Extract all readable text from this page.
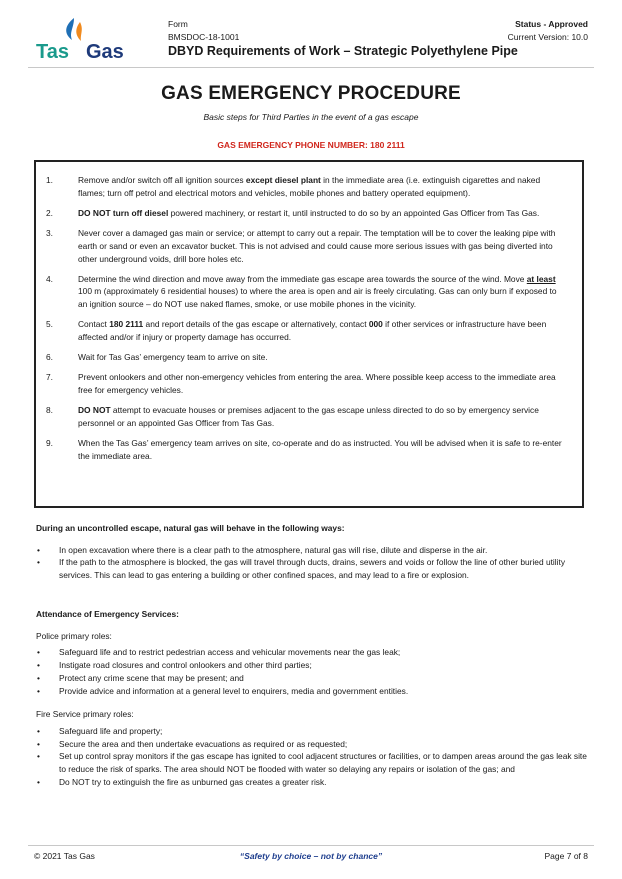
Tas Gas
Form
BMSDOC-18-1001
Status - Approved
Current Version: 10.0
DBYD Requirements of Work – Strategic Polyethylene Pipe
GAS EMERGENCY PROCEDURE
Basic steps for Third Parties in the event of a gas escape
GAS EMERGENCY PHONE NUMBER: 180 2111
1.	Remove and/or switch off all ignition sources except diesel plant in the immediate area (i.e. extinguish cigarettes and naked flames; turn off petrol and electrical motors and vehicles, mobile phones and battery operated equipment).
2.	DO NOT turn off diesel powered machinery, or restart it, until instructed to do so by an appointed Gas Officer from Tas Gas.
3.	Never cover a damaged gas main or service; or attempt to carry out a repair. The temptation will be to cover the leaking pipe with earth or sand or even an excavator bucket. This is not advised and could cause more serious issues with gas being diverted into other underground voids, drill bore holes etc.
4.	Determine the wind direction and move away from the immediate gas escape area towards the source of the wind. Move at least 100 m (approximately 6 residential houses) to where the area is open and air is freely circulating. Gas can only burn if exposed to an ignition source – do NOT use naked flames, smoke, or use mobile phones in the vicinity.
5.	Contact 180 2111 and report details of the gas escape or alternatively, contact 000 if other services or infrastructure have been affected and/or if injury or property damage has occurred.
6.	Wait for Tas Gas’ emergency team to arrive on site.
7.	Prevent onlookers and other non-emergency vehicles from entering the area. Where possible keep access to the immediate area free for emergency vehicles.
8.	DO NOT attempt to evacuate houses or premises adjacent to the gas escape unless directed to do so by emergency service personnel or an appointed Gas Officer from Tas Gas.
9.	When the Tas Gas’ emergency team arrives on site, co-operate and do as instructed. You will be advised when it is safe to re-enter the immediate area.
During an uncontrolled escape, natural gas will behave in the following ways:
• In open excavation where there is a clear path to the atmosphere, natural gas will rise, dilute and disperse in the air.
• If the path to the atmosphere is blocked, the gas will travel through ducts, drains, sewers and voids or follow the line of other buried utility services. This can lead to gas entering a building or other confined spaces, and may lead to a fire or explosion.
Attendance of Emergency Services:
Police primary roles:
• Safeguard life and to restrict pedestrian access and vehicular movements near the gas leak;
• Instigate road closures and control onlookers and other third parties;
• Protect any crime scene that may be present; and
• Provide advice and information at a general level to enquirers, media and government entities.
Fire Service primary roles:
• Safeguard life and property;
• Secure the area and then undertake evacuations as required or as requested;
• Set up control spray monitors if the gas escape has ignited to cool adjacent structures or facilities, or to dampen areas around the gas leak site to reduce the risk of sparks. The area should NOT be flooded with water so delaying any repairs or isolation of the gas; and
• Do NOT try to extinguish the fire as unburned gas creates a greater risk.
© 2021 Tas Gas	“Safety by choice – not by chance”	Page 7 of 8
